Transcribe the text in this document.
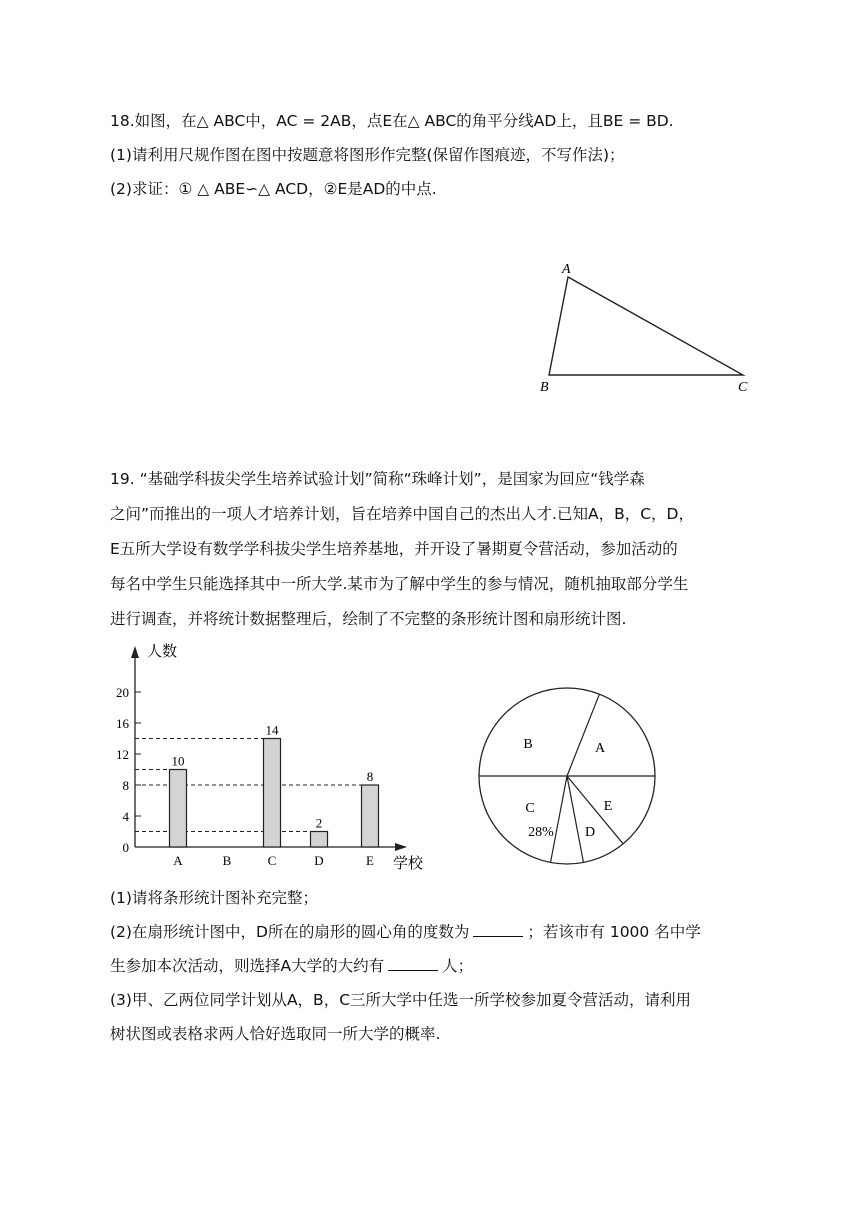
18.如图，在△ ABC中，AC = 2AB，点E在△ ABC的角平分线AD上，且BE = BD.
(1)请利用尺规作图在图中按题意将图形作完整(保留作图痕迹，不写作法)；
(2)求证：① △ ABE∽△ ACD，②E是AD的中点.
A
B	C
19. “基础学科拔尖学生培养试验计划”简称“珠峰计划”，是国家为回应“钱学森
之问”而推出的一项人才培养计划，旨在培养中国自己的杰出人才.已知A，B，C，D，
E五所大学设有数学学科拔尖学生培养基地，并开设了暑期夏令营活动，参加活动的
每名中学生只能选择其中一所大学.某市为了解中学生的参与情况，随机抽取部分学生
进行调查，并将统计数据整理后，绘制了不完整的条形统计图和扇形统计图.
人数
学校
0
4
8
12
16
20
10
A	B
14
C
2
D
8
E
A
E
D
C
B
28%
(1)请将条形统计图补充完整；
(2)在扇形统计图中，D所在的扇形的圆心角的度数为	；若该市有 1000 名中学
生参加本次活动，则选择A大学的大约有	人；
(3)甲、乙两位同学计划从A，B，C三所大学中任选一所学校参加夏令营活动，请利用
树状图或表格求两人恰好选取同一所大学的概率.
